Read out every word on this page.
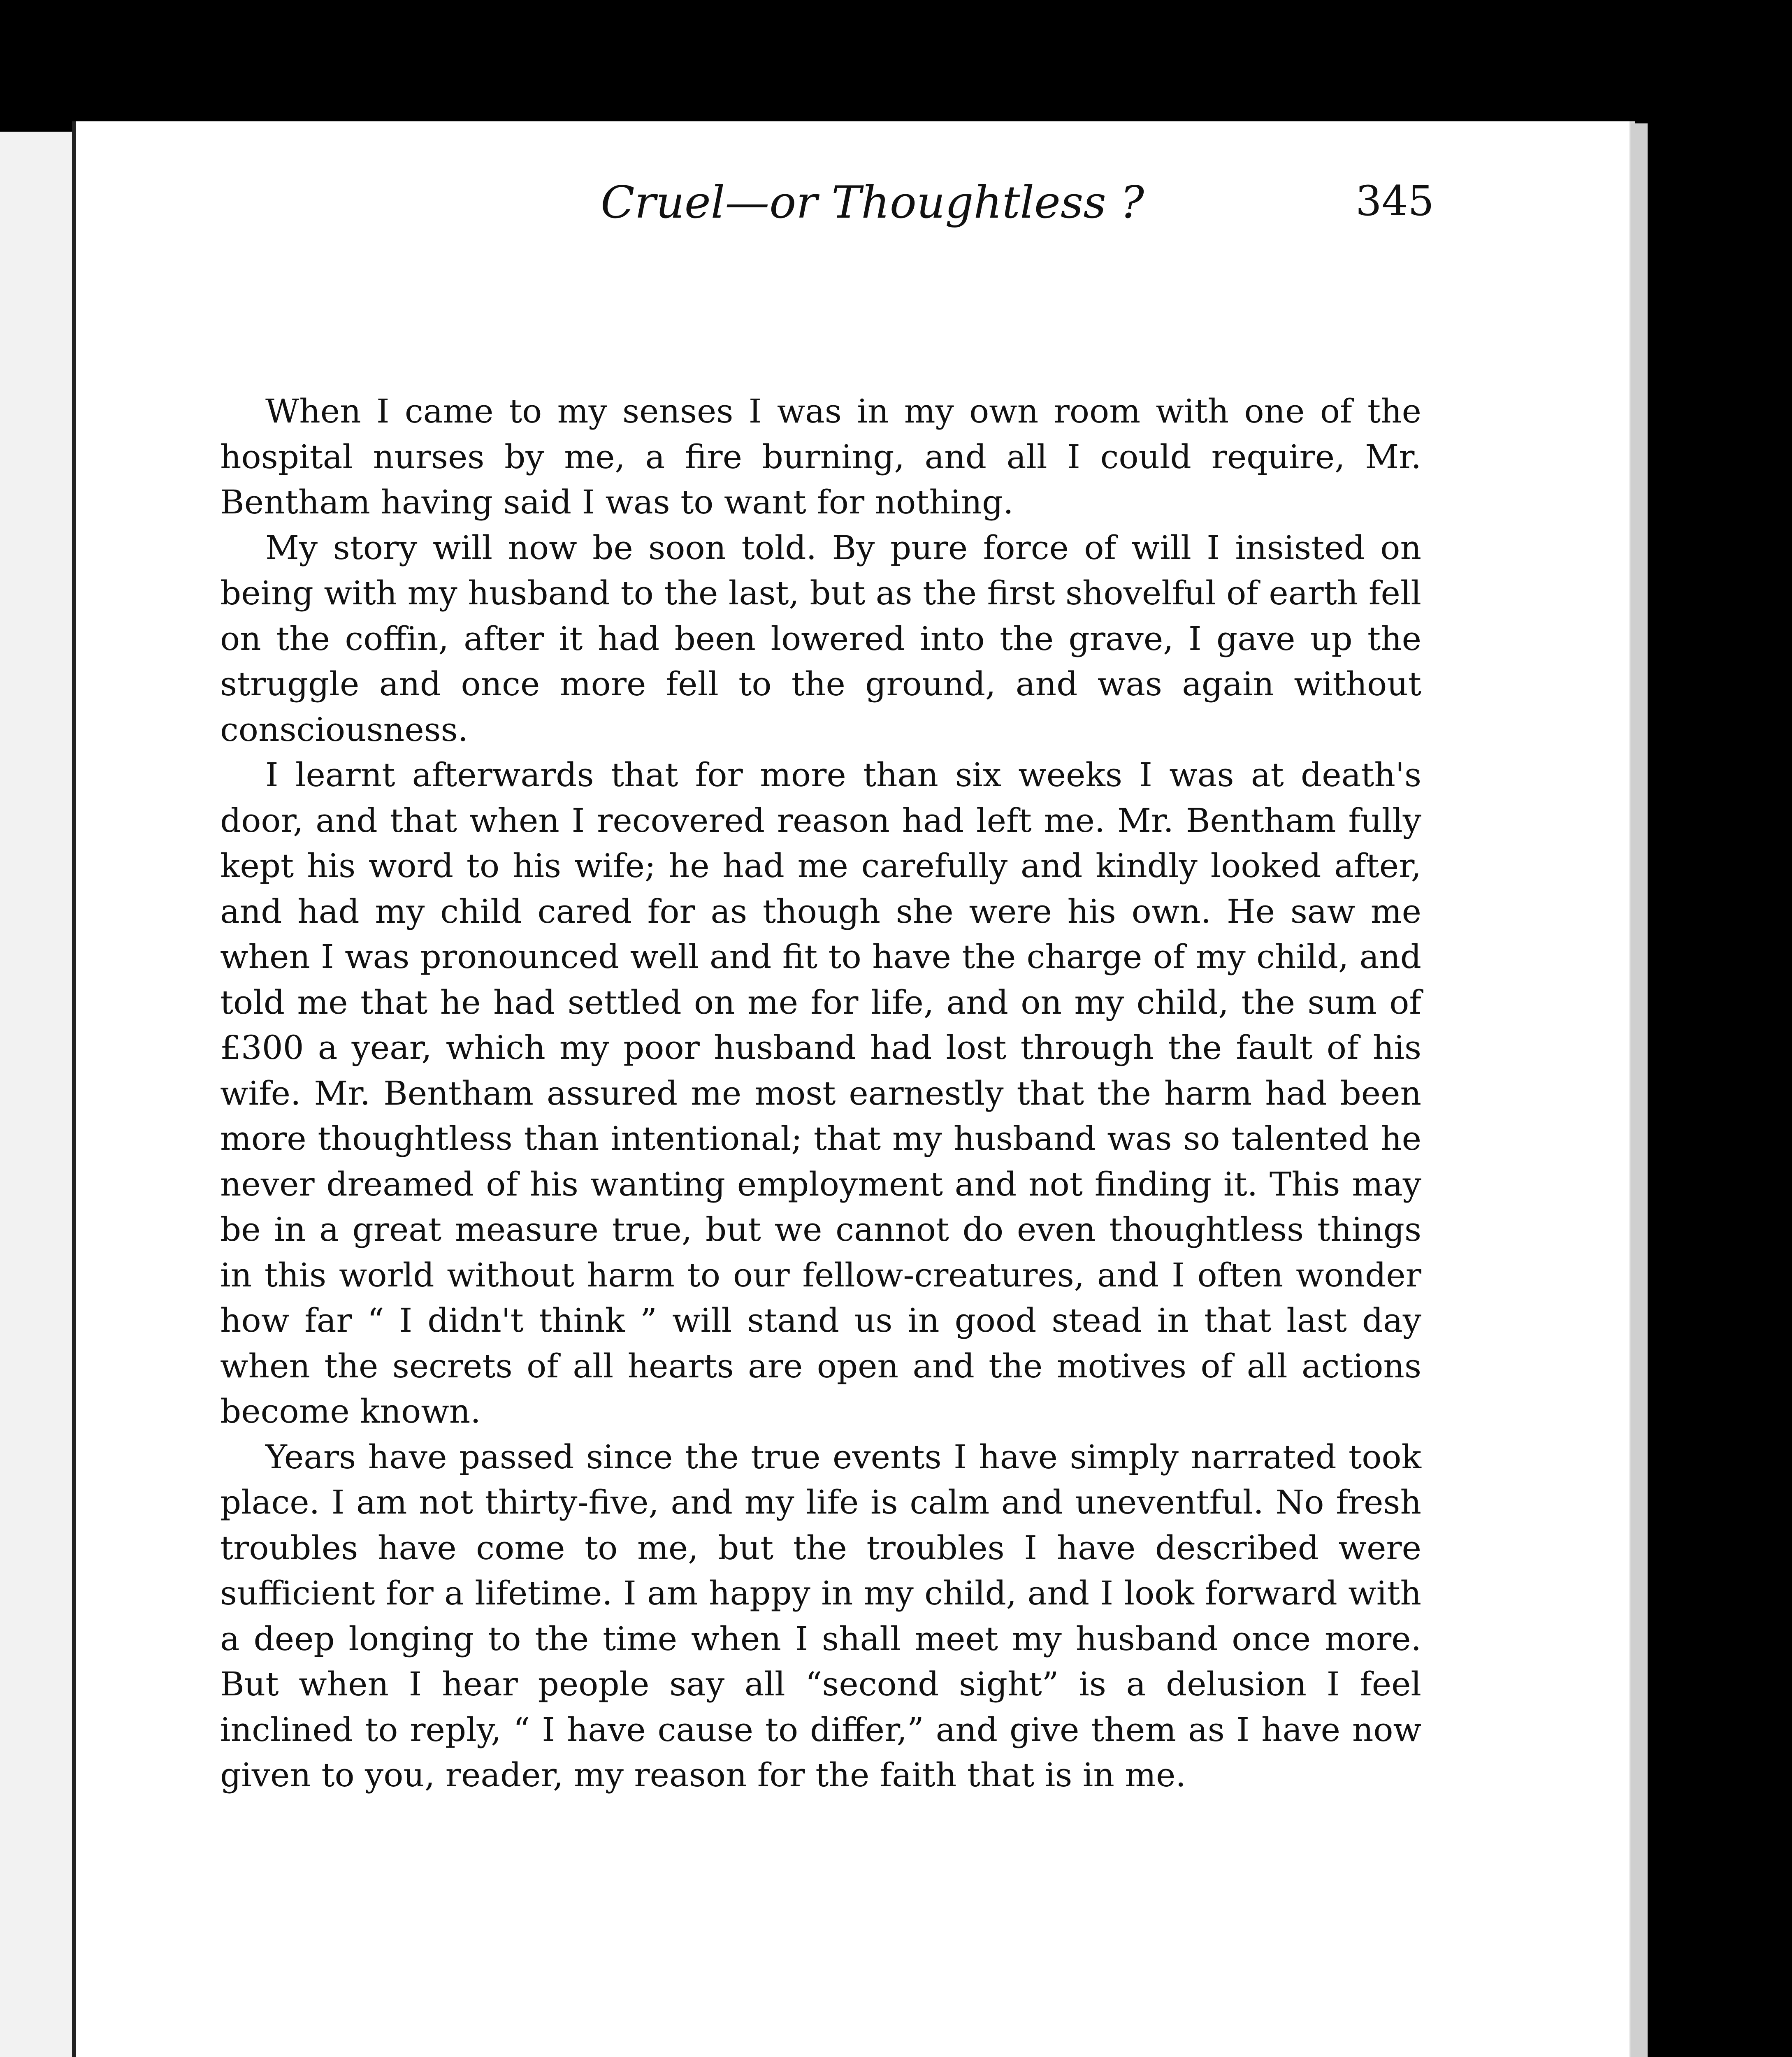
Cruel—or Thoughtless ?	345

When I came to my senses I was in my own room with one of the hospital nurses by me, a fire burning, and all I could require, Mr. Bentham having said I was to want for nothing.

My story will now be soon told. By pure force of will I insisted on being with my husband to the last, but as the first shovelful of earth fell on the coffin, after it had been lowered into the grave, I gave up the struggle and once more fell to the ground, and was again without consciousness.

I learnt afterwards that for more than six weeks I was at death's door, and that when I recovered reason had left me. Mr. Bentham fully kept his word to his wife; he had me carefully and kindly looked after, and had my child cared for as though she were his own. He saw me when I was pronounced well and fit to have the charge of my child, and told me that he had settled on me for life, and on my child, the sum of £300 a year, which my poor husband had lost through the fault of his wife. Mr. Bentham assured me most earnestly that the harm had been more thoughtless than intentional; that my husband was so talented he never dreamed of his wanting employment and not finding it. This may be in a great measure true, but we cannot do even thoughtless things in this world without harm to our fellow-creatures, and I often wonder how far “ I didn't think ” will stand us in good stead in that last day when the secrets of all hearts are open and the motives of all actions become known.

Years have passed since the true events I have simply narrated took place. I am not thirty-five, and my life is calm and uneventful. No fresh troubles have come to me, but the troubles I have described were sufficient for a lifetime. I am happy in my child, and I look forward with a deep longing to the time when I shall meet my husband once more. But when I hear people say all “second sight” is a delusion I feel inclined to reply, “ I have cause to differ,” and give them as I have now given to you, reader, my reason for the faith that is in me.
